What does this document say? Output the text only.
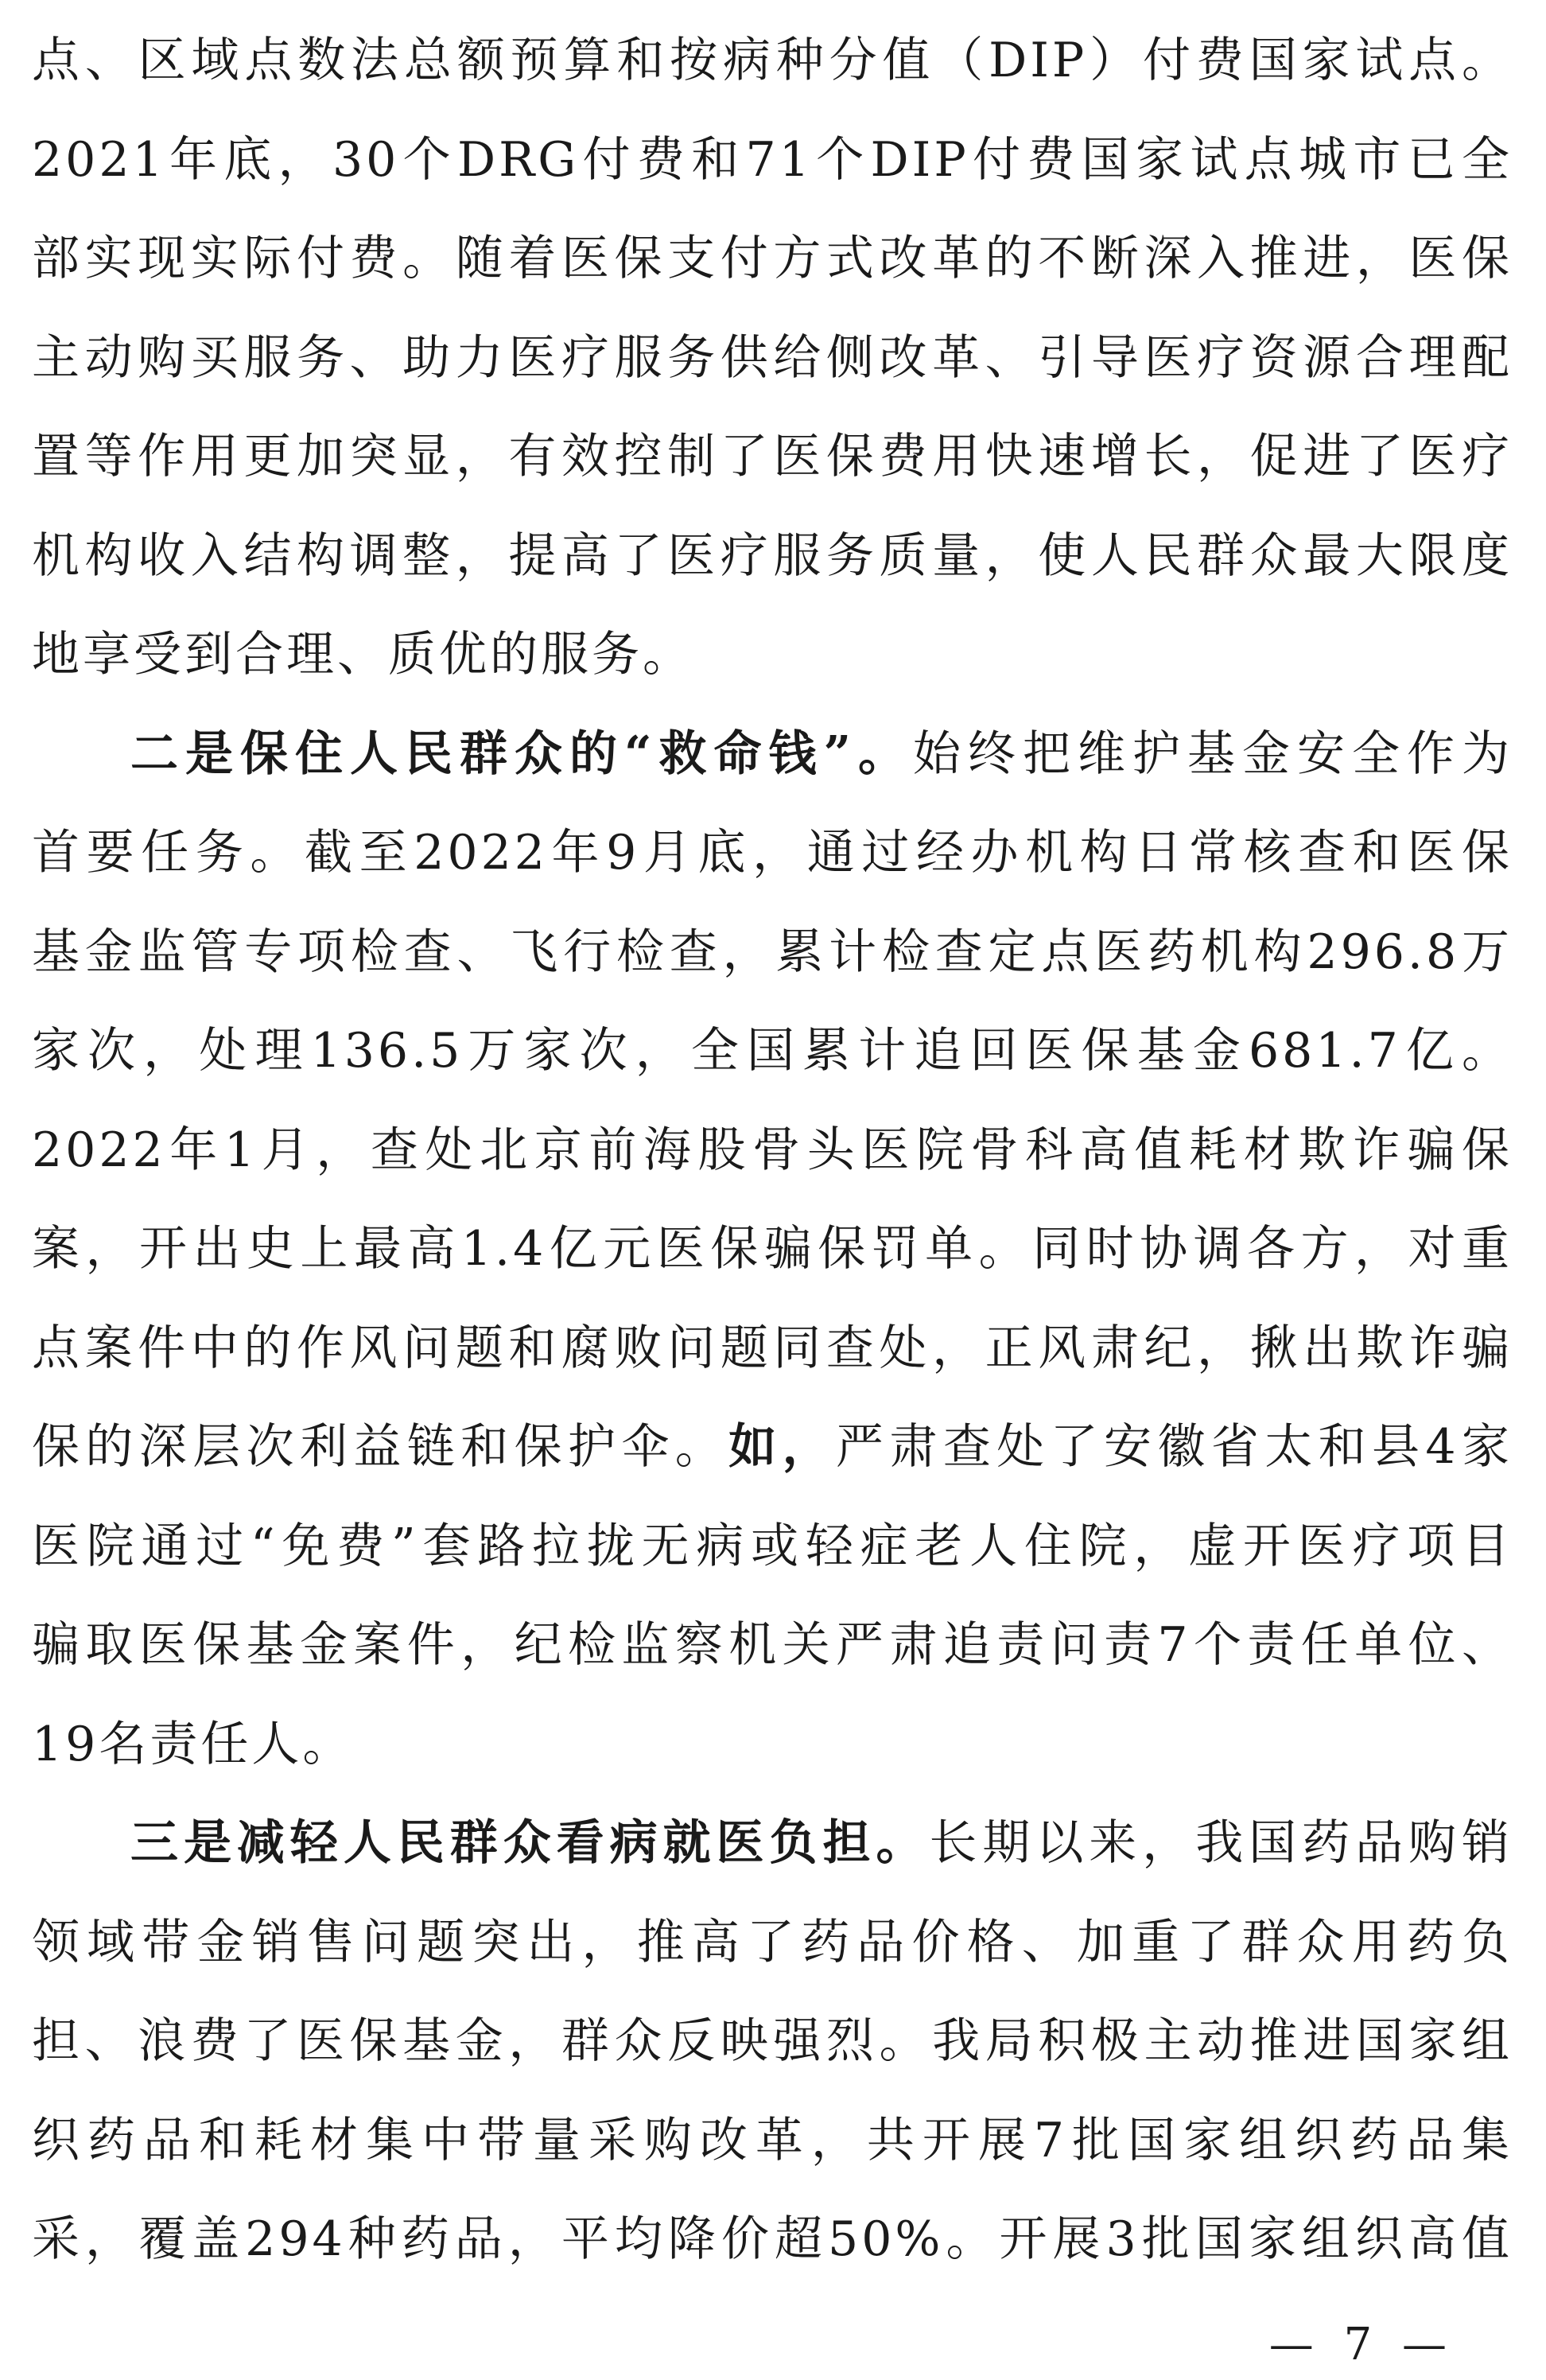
点、区域点数法总额预算和按病种分值（DIP）付费国家试点。
2021年底，30个DRG付费和71个DIP付费国家试点城市已全
部实现实际付费。随着医保支付方式改革的不断深入推进，医保
主动购买服务、助力医疗服务供给侧改革、引导医疗资源合理配
置等作用更加突显，有效控制了医保费用快速增长，促进了医疗
机构收入结构调整，提高了医疗服务质量，使人民群众最大限度
地享受到合理、质优的服务。
二是保住人民群众的“救命钱”。始终把维护基金安全作为
首要任务。截至2022年9月底，通过经办机构日常核查和医保
基金监管专项检查、飞行检查，累计检查定点医药机构296.8万
家次，处理136.5万家次，全国累计追回医保基金681.7亿。
2022年1月，查处北京前海股骨头医院骨科高值耗材欺诈骗保
案，开出史上最高1.4亿元医保骗保罚单。同时协调各方，对重
点案件中的作风问题和腐败问题同查处，正风肃纪，揪出欺诈骗
保的深层次利益链和保护伞。如，严肃查处了安徽省太和县4家
医院通过“免费”套路拉拢无病或轻症老人住院，虚开医疗项目
骗取医保基金案件，纪检监察机关严肃追责问责7个责任单位、
19名责任人。
三是减轻人民群众看病就医负担。长期以来，我国药品购销
领域带金销售问题突出，推高了药品价格、加重了群众用药负
担、浪费了医保基金，群众反映强烈。我局积极主动推进国家组
织药品和耗材集中带量采购改革，共开展7批国家组织药品集
采，覆盖294种药品，平均降价超50%。开展3批国家组织高值
— 7 —
